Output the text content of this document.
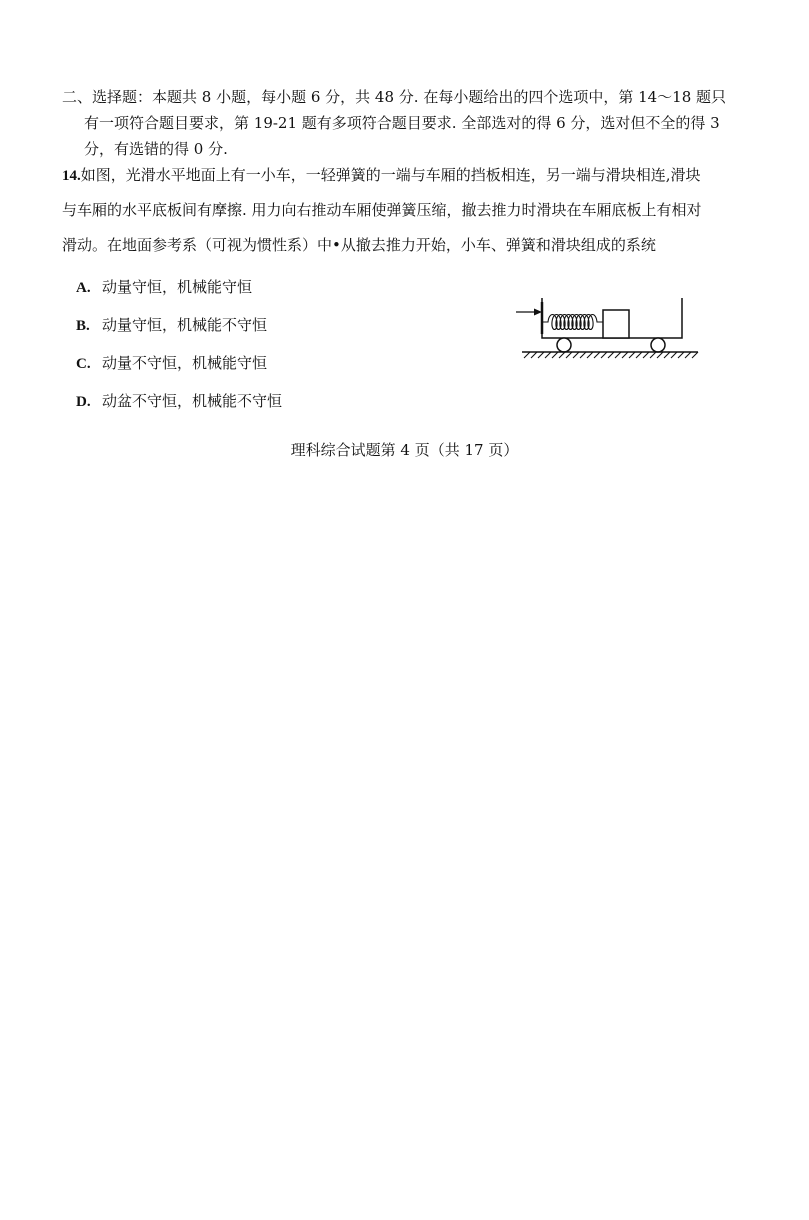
二、选择题：本题共 8 小题，每小题 6 分，共 48 分. 在每小题给出的四个选项中，第 14〜18 题只
有一项符合题目要求，第 19-21 题有多项符合题目要求. 全部选对的得 6 分，选对但不全的得 3
分，有选错的得 0 分.
14.如图，光滑水平地面上有一小车，一轻弹簧的一端与车厢的挡板相连，另一端与滑块相连,滑块
与车厢的水平底板间有摩擦. 用力向右推动车厢使弹簧压缩，撤去推力时滑块在车厢底板上有相对
滑动。在地面参考系（可视为惯性系）中•从撤去推力开始，小车、弹簧和滑块组成的系统
A. 动量守恒，机械能守恒
B. 动量守恒，机械能不守恒
C. 动量不守恒，机械能守恒
D. 动盆不守恒，机械能不守恒
理科综合试题第 4 页（共 17 页）
